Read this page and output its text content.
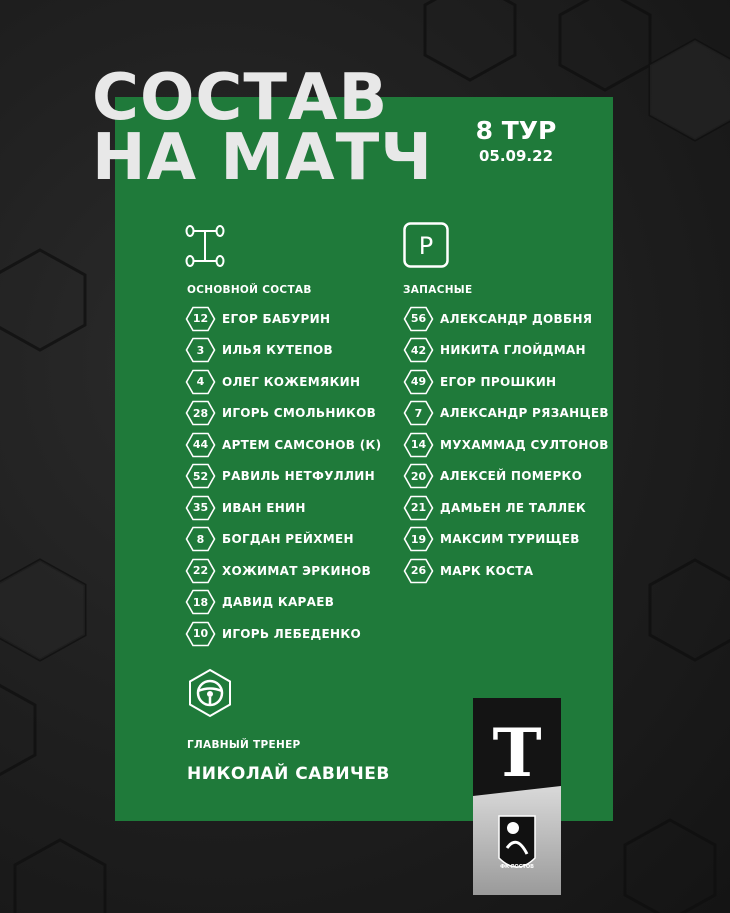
СОСТАВ
НА МАТЧ	8 ТУР
05.09.22
P
ОСНОВНОЙ СОСТАВ	ЗАПАСНЫЕ
12	ЕГОР БАБУРИН
3	ИЛЬЯ КУТЕПОВ
4	ОЛЕГ КОЖЕМЯКИН
28	ИГОРЬ СМОЛЬНИКОВ
44	АРТЕМ САМСОНОВ (К)
52	РАВИЛЬ НЕТФУЛЛИН
35	ИВАН ЕНИН
8	БОГДАН РЕЙХМЕН
22	ХОЖИМАТ ЭРКИНОВ
18	ДАВИД КАРАЕВ
10	ИГОРЬ ЛЕБЕДЕНКО
56	АЛЕКСАНДР ДОВБНЯ
42	НИКИТА ГЛОЙДМАН
49	ЕГОР ПРОШКИН
7	АЛЕКСАНДР РЯЗАНЦЕВ
14	МУХАММАД СУЛТОНОВ
20	АЛЕКСЕЙ ПОМЕРКО
21	ДАМЬЕН ЛЕ ТАЛЛЕК
19	МАКСИМ ТУРИЩЕВ
26	МАРК КОСТА
ГЛАВНЫЙ ТРЕНЕР
НИКОЛАЙ САВИЧЕВ Т
ФК РОСТОВ
